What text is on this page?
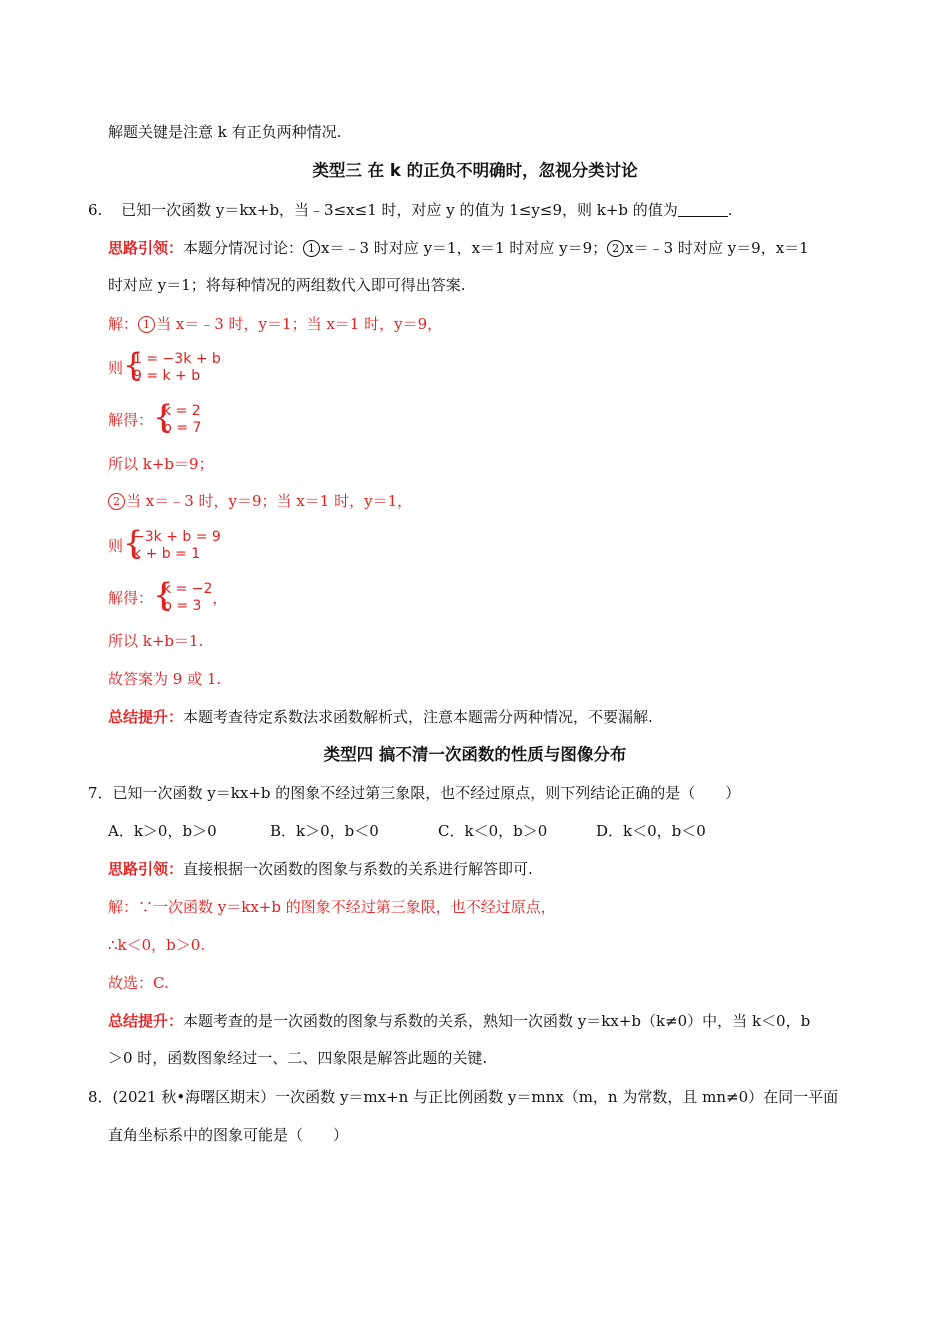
解题关键是注意 k 有正负两种情况.
类型三 在 k 的正负不明确时，忽视分类讨论
6. 已知一次函数 y＝kx+b，当﹣3≤x≤1 时，对应 y 的值为 1≤y≤9，则 k+b 的值为	.
思路引领：本题分情况讨论： 1 x＝﹣3 时对应 y＝1，x＝1 时对应 y＝9； 2 x＝﹣3 时对应 y＝9，x＝1
时对应 y＝1；将每种情况的两组数代入即可得出答案.
解： 1 当 x＝﹣3 时，y＝1；当 x＝1 时，y＝9，
则 {
1 = −3k + b
9 = k + b
解得： {
k = 2
b = 7
所以 k+b＝9；
2 当 x＝﹣3 时，y＝9；当 x＝1 时，y＝1，
则 {
−3k + b = 9
k + b = 1
解得： {
k = −2
b = 3 ，
所以 k+b＝1.
故答案为 9 或 1.
总结提升：本题考查待定系数法求函数解析式，注意本题需分两种情况，不要漏解.
类型四 搞不清一次函数的性质与图像分布
7．已知一次函数 y＝kx+b 的图象不经过第三象限，也不经过原点，则下列结论正确的是（　　）
A．k＞0，b＞0	B．k＞0，b＜0	C．k＜0，b＞0	D．k＜0，b＜0
思路引领：直接根据一次函数的图象与系数的关系进行解答即可.
解：∵一次函数 y＝kx+b 的图象不经过第三象限，也不经过原点，
∴k＜0，b＞0.
故选：C.
总结提升：本题考查的是一次函数的图象与系数的关系，熟知一次函数 y＝kx+b（k≠0）中，当 k＜0，b
＞0 时，函数图象经过一、二、四象限是解答此题的关键.
8．(2021 秋•海曙区期末）一次函数 y＝mx+n 与正比例函数 y＝mnx（m，n 为常数，且 mn≠0）在同一平面
直角坐标系中的图象可能是（　　）
